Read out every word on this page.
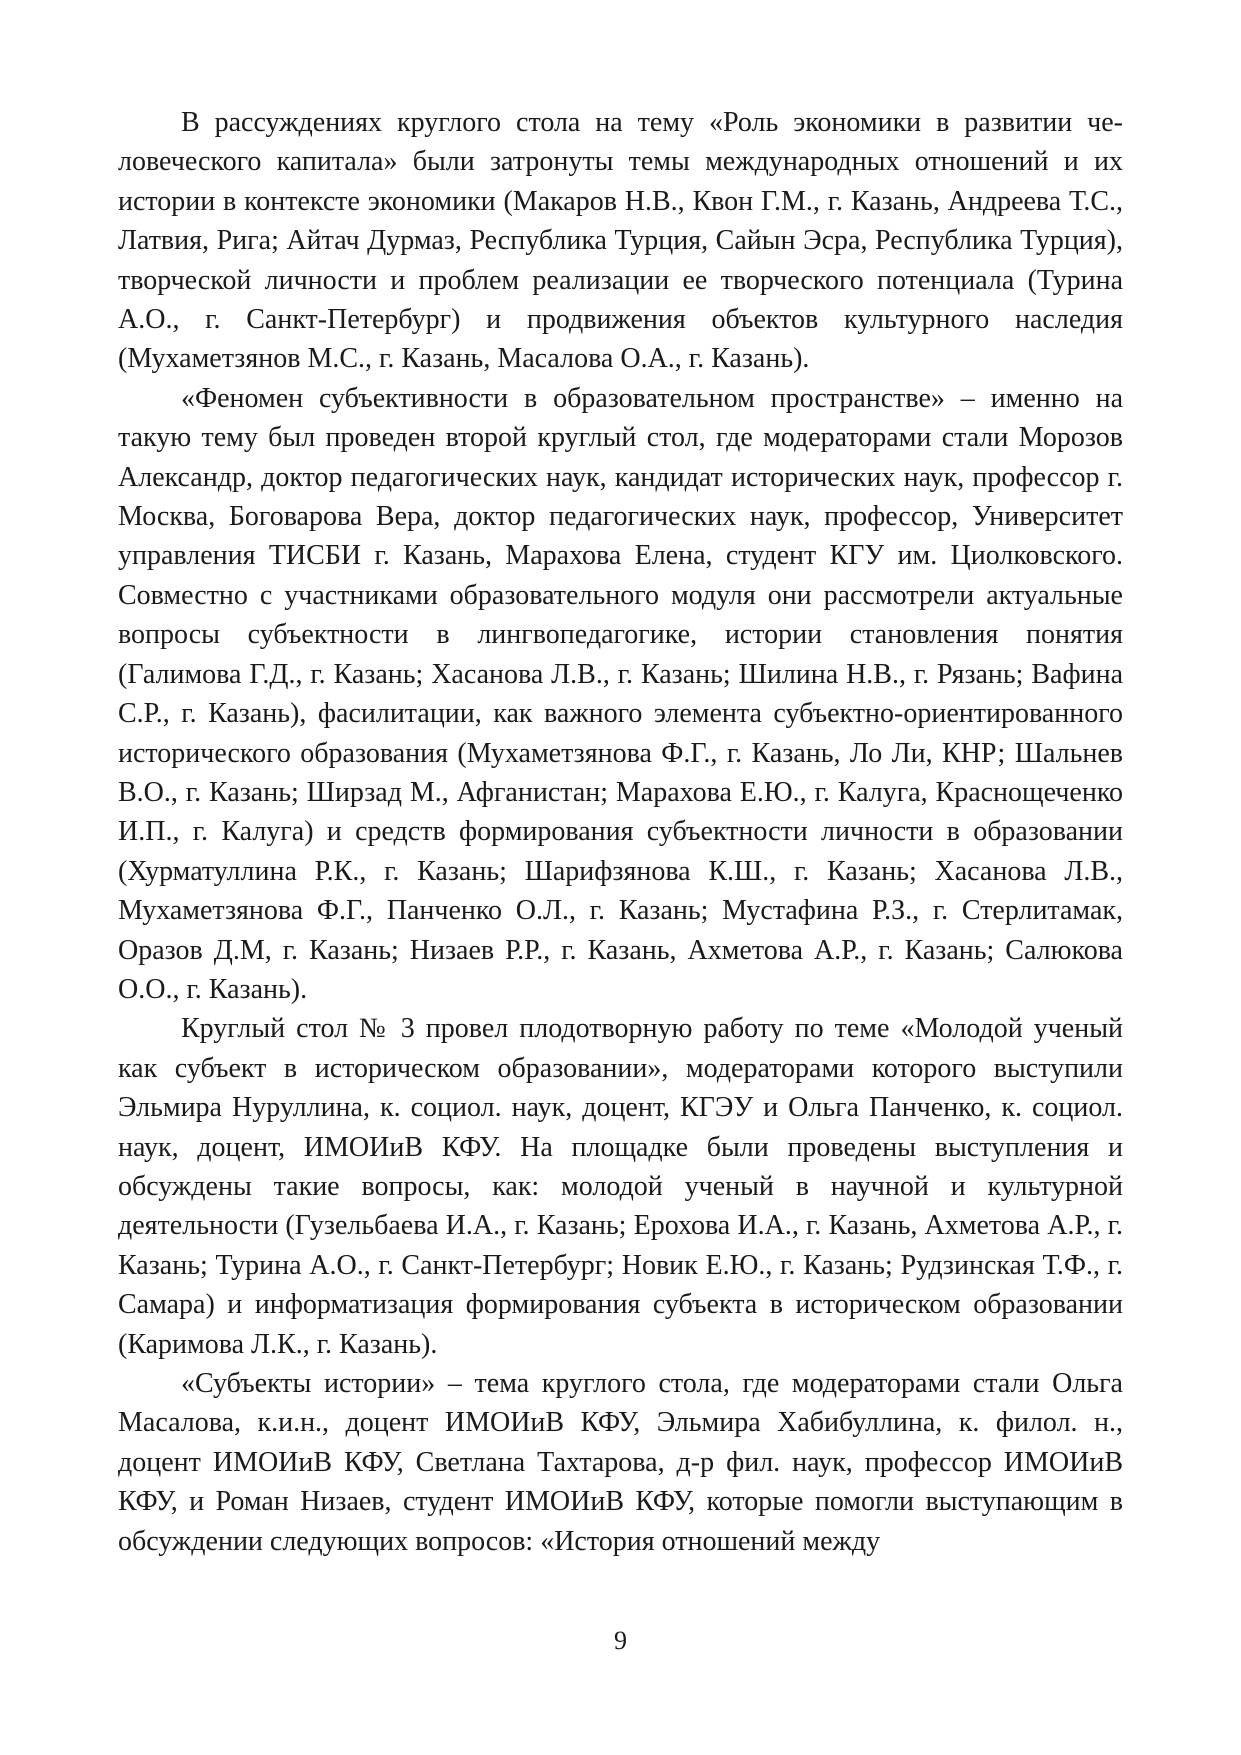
В рассуждениях круглого стола на тему «Роль экономики в развитии человеческого капитала» были затронуты темы международных отношений и их истории в контексте экономики (Макаров Н.В., Квон Г.М., г. Казань, Андреева Т.С., Латвия, Рига; Айтач Дурмаз, Республика Турция, Сайын Эсра, Республика Турция), творческой личности и проблем реализации ее творческого потенциала (Турина А.О., г. Санкт-Петербург) и продвижения объектов культурного наследия (Мухаметзянов М.С., г. Казань, Масалова О.А., г. Казань).

«Феномен субъективности в образовательном пространстве» – именно на такую тему был проведен второй круглый стол, где модераторами стали Морозов Александр, доктор педагогических наук, кандидат исторических наук, профессор г. Москва, Боговарова Вера, доктор педагогических наук, профессор, Университет управления ТИСБИ г. Казань, Марахова Елена, студент КГУ им. Циолковского. Совместно с участниками образовательного модуля они рассмотрели актуальные вопросы субъектности в лингвопедагогике, истории становления понятия (Галимова Г.Д., г. Казань; Хасанова Л.В., г. Казань; Шилина Н.В., г. Рязань; Вафина С.Р., г. Казань), фасилитации, как важного элемента субъектно-ориентированного исторического образования (Мухаметзянова Ф.Г., г. Казань, Ло Ли, КНР; Шальнев В.О., г. Казань; Ширзад М., Афганистан; Марахова Е.Ю., г. Калуга, Краснощеченко И.П., г. Калуга) и средств формирования субъектности личности в образовании (Хурматуллина Р.К., г. Казань; Шарифзянова К.Ш., г. Казань; Хасанова Л.В., Мухаметзянова Ф.Г., Панченко О.Л., г. Казань; Мустафина Р.З., г. Стерлитамак, Оразов Д.М, г. Казань; Низаев Р.Р., г. Казань, Ахметова А.Р., г. Казань; Салюкова О.О., г. Казань).

Круглый стол № 3 провел плодотворную работу по теме «Молодой ученый как субъект в историческом образовании», модераторами которого выступили Эльмира Нуруллина, к. социол. наук, доцент, КГЭУ и Ольга Панченко, к. социол. наук, доцент, ИМОИиВ КФУ. На площадке были проведены выступления и обсуждены такие вопросы, как: молодой ученый в научной и культурной деятельности (Гузельбаева И.А., г. Казань; Ерохова И.А., г. Казань, Ахметова А.Р., г. Казань; Турина А.О., г. Санкт-Петербург; Новик Е.Ю., г. Казань; Рудзинская Т.Ф., г. Самара) и информатизация формирования субъекта в историческом образовании (Каримова Л.К., г. Казань).

«Субъекты истории» – тема круглого стола, где модераторами стали Ольга Масалова, к.и.н., доцент ИМОИиВ КФУ, Эльмира Хабибуллина, к. филол. н., доцент ИМОИиВ КФУ, Светлана Тахтарова, д-р фил. наук, профессор ИМОИиВ КФУ, и Роман Низаев, студент ИМОИиВ КФУ, которые помогли выступающим в обсуждении следующих вопросов: «История отношений между

9
